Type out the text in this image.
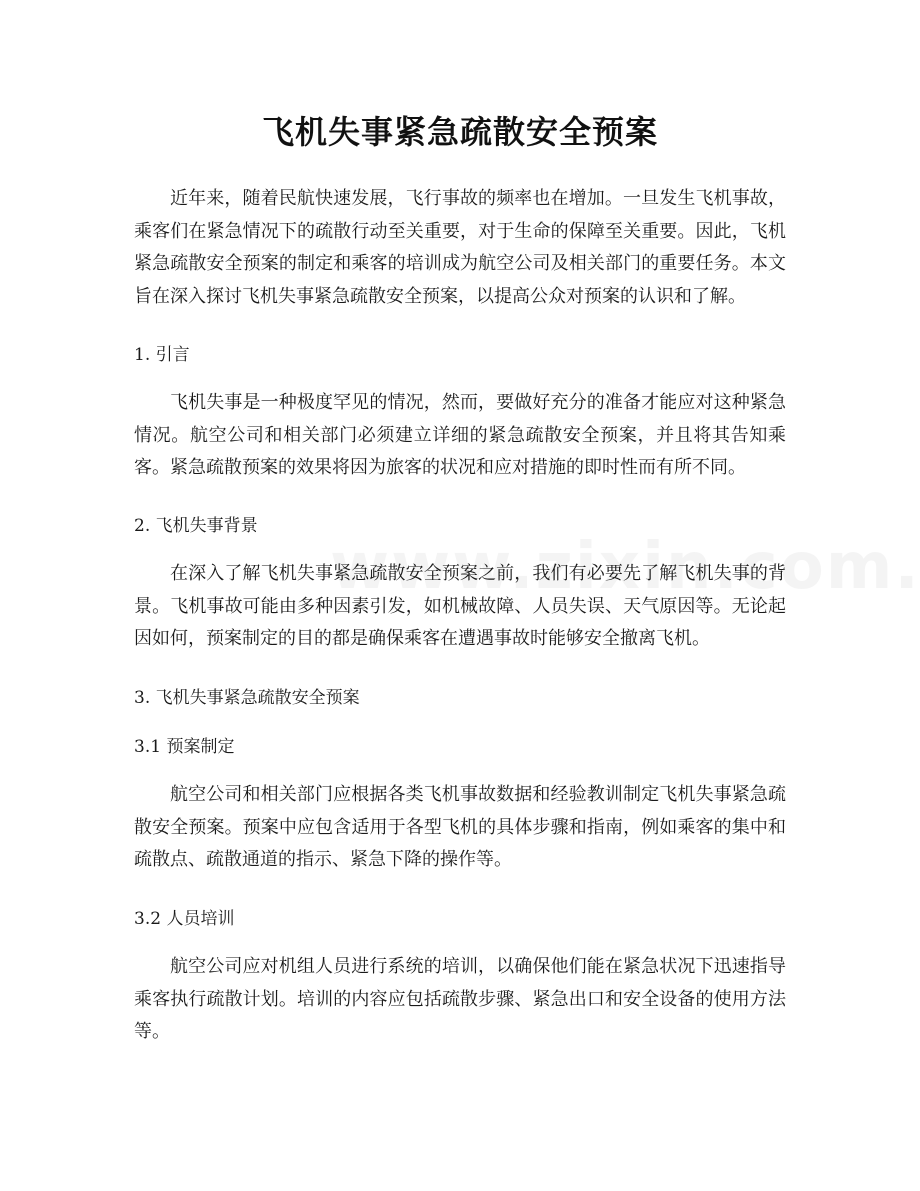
飞机失事紧急疏散安全预案

近年来，随着民航快速发展，飞行事故的频率也在增加。一旦发生飞机事故，乘客们在紧急情况下的疏散行动至关重要，对于生命的保障至关重要。因此，飞机紧急疏散安全预案的制定和乘客的培训成为航空公司及相关部门的重要任务。本文旨在深入探讨飞机失事紧急疏散安全预案，以提高公众对预案的认识和了解。

1. 引言

飞机失事是一种极度罕见的情况，然而，要做好充分的准备才能应对这种紧急情况。航空公司和相关部门必须建立详细的紧急疏散安全预案，并且将其告知乘客。紧急疏散预案的效果将因为旅客的状况和应对措施的即时性而有所不同。

2. 飞机失事背景

在深入了解飞机失事紧急疏散安全预案之前，我们有必要先了解飞机失事的背景。飞机事故可能由多种因素引发，如机械故障、人员失误、天气原因等。无论起因如何，预案制定的目的都是确保乘客在遭遇事故时能够安全撤离飞机。

3. 飞机失事紧急疏散安全预案

3.1 预案制定

航空公司和相关部门应根据各类飞机事故数据和经验教训制定飞机失事紧急疏散安全预案。预案中应包含适用于各型飞机的具体步骤和指南，例如乘客的集中和疏散点、疏散通道的指示、紧急下降的操作等。

3.2 人员培训

航空公司应对机组人员进行系统的培训，以确保他们能在紧急状况下迅速指导乘客执行疏散计划。培训的内容应包括疏散步骤、紧急出口和安全设备的使用方法等。
